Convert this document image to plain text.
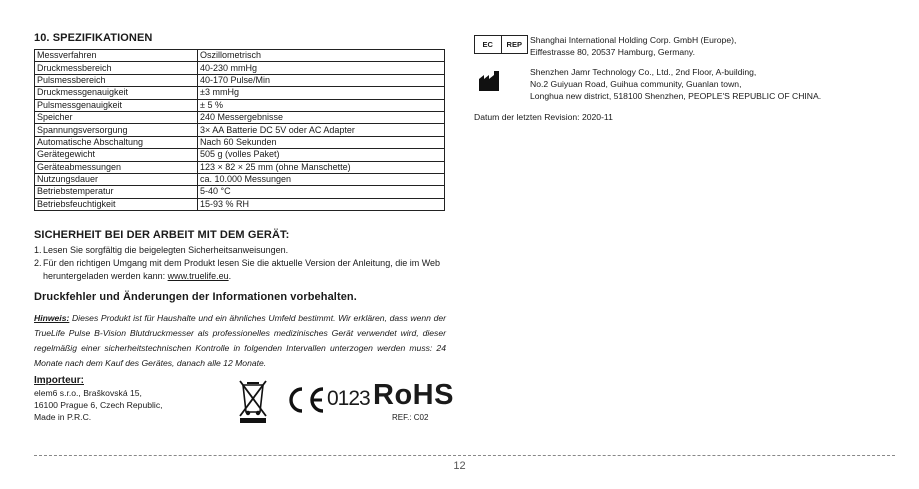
10. SPEZIFIKATIONEN
Messverfahren	Oszillometrisch
Druckmessbereich	40-230 mmHg
Pulsmessbereich	40-170 Pulse/Min
Druckmessgenauigkeit	±3 mmHg
Pulsmessgenauigkeit	± 5 %
Speicher	240 Messergebnisse
Spannungsversorgung	3× AA Batterie DC 5V oder AC Adapter
Automatische Abschaltung	Nach 60 Sekunden
Gerätegewicht	505 g (volles Paket)
Geräteabmessungen	123 × 82 × 25 mm (ohne Manschette)
Nutzungsdauer	ca. 10.000 Messungen
Betriebstemperatur	5-40 °C
Betriebsfeuchtigkeit	15-93 % RH
SICHERHEIT BEI DER ARBEIT MIT DEM GERÄT:
1. Lesen Sie sorgfältig die beigelegten Sicherheitsanweisungen.
2. Für den richtigen Umgang mit dem Produkt lesen Sie die aktuelle Version der Anleitung, die im Web heruntergeladen werden kann: www.truelife.eu.
Druckfehler und Änderungen der Informationen vorbehalten.
Hinweis: Dieses Produkt ist für Haushalte und ein ähnliches Umfeld bestimmt. Wir erklären, dass wenn der TrueLife Pulse B-Vision Blutdruckmesser als professionelles medizinisches Gerät verwendet wird, dieser regelmäßig einer sicherheitstechnischen Kontrolle in folgenden Intervallen unterzogen werden muss: 24 Monate nach dem Kauf des Gerätes, danach alle 12 Monate.
Importeur:
elem6 s.r.o., Braškovská 15,
16100 Prague 6, Czech Republic,
Made in P.R.C.
0123 RoHS
REF.: C02
EC	REP Shanghai International Holding Corp. GmbH (Europe),
Eiffestrasse 80, 20537 Hamburg, Germany.
Shenzhen Jamr Technology Co., Ltd., 2nd Floor, A-building,
No.2 Guiyuan Road, Guihua community, Guanlan town,
Longhua new district, 518100 Shenzhen, PEOPLE'S REPUBLIC OF CHINA.
Datum der letzten Revision: 2020-11
12
